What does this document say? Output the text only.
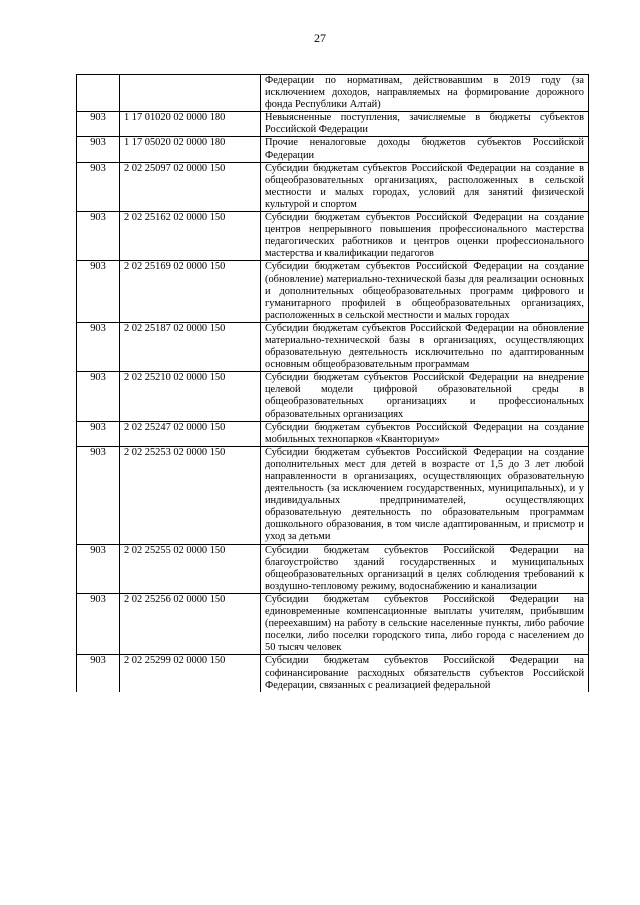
27
		Федерации по нормативам, действовавшим в 2019 году (за исключением доходов, направляемых на формирование дорожного фонда Республики Алтай)
903	1 17 01020 02 0000 180	Невыясненные поступления, зачисляемые в бюджеты субъектов Российской Федерации
903	1 17 05020 02 0000 180	Прочие неналоговые доходы бюджетов субъектов Российской Федерации
903	2 02 25097 02 0000 150	Субсидии бюджетам субъектов Российской Федерации на создание в общеобразовательных организациях, расположенных в сельской местности и малых городах, условий для занятий физической культурой и спортом
903	2 02 25162 02 0000 150	Субсидии бюджетам субъектов Российской Федерации на создание центров непрерывного повышения профессионального мастерства педагогических работников и центров оценки профессионального мастерства и квалификации педагогов
903	2 02 25169 02 0000 150	Субсидии бюджетам субъектов Российской Федерации на создание (обновление) материально-технической базы для реализации основных и дополнительных общеобразовательных программ цифрового и гуманитарного профилей в общеобразовательных организациях, расположенных в сельской местности и малых городах
903	2 02 25187 02 0000 150	Субсидии бюджетам субъектов Российской Федерации на обновление материально-технической базы в организациях, осуществляющих образовательную деятельность исключительно по адаптированным основным общеобразовательным программам
903	2 02 25210 02 0000 150	Субсидии бюджетам субъектов Российской Федерации на внедрение целевой модели цифровой образовательной среды в общеобразовательных организациях и профессиональных образовательных организациях
903	2 02 25247 02 0000 150	Субсидии бюджетам субъектов Российской Федерации на создание мобильных технопарков «Кванториум»
903	2 02 25253 02 0000 150	Субсидии бюджетам субъектов Российской Федерации на создание дополнительных мест для детей в возрасте от 1,5 до 3 лет любой направленности в организациях, осуществляющих образовательную деятельность (за исключением государственных, муниципальных), и у индивидуальных предпринимателей, осуществляющих образовательную деятельность по образовательным программам дошкольного образования, в том числе адаптированным, и присмотр и уход за детьми
903	2 02 25255 02 0000 150	Субсидии бюджетам субъектов Российской Федерации на благоустройство зданий государственных и муниципальных общеобразовательных организаций в целях соблюдения требований к воздушно-тепловому режиму, водоснабжению и канализации
903	2 02 25256 02 0000 150	Субсидии бюджетам субъектов Российской Федерации на единовременные компенсационные выплаты учителям, прибывшим (переехавшим) на работу в сельские населенные пункты, либо рабочие поселки, либо поселки городского типа, либо города с населением до 50 тысяч человек
903	2 02 25299 02 0000 150	Субсидии бюджетам субъектов Российской Федерации на софинансирование расходных обязательств субъектов Российской Федерации, связанных с реализацией федеральной
